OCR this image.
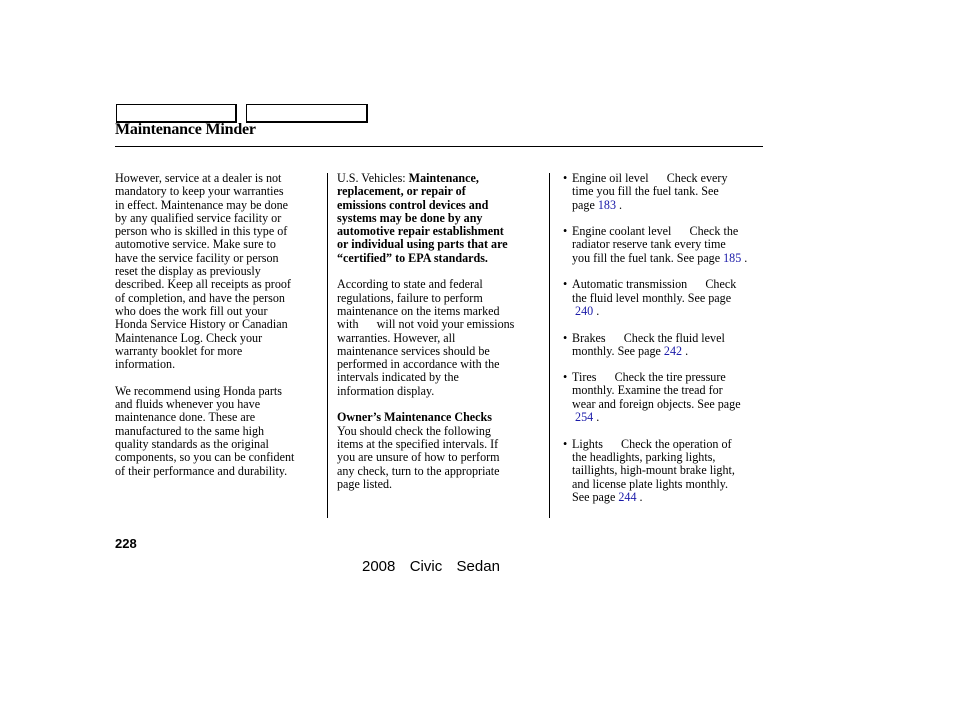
Maintenance Minder

However, service at a dealer is not

mandatory to keep your warranties

in effect. Maintenance may be done

by any qualified service facility or

person who is skilled in this type of

automotive service. Make sure to

have the service facility or person

reset the display as previously

described. Keep all receipts as proof

of completion, and have the person

who does the work fill out your

Honda Service History or Canadian

Maintenance Log. Check your

warranty booklet for more

information.

We recommend using Honda parts

and fluids whenever you have

maintenance done. These are

manufactured to the same high

quality standards as the original

components, so you can be confident

of their performance and durability.

U.S. Vehicles: Maintenance,

replacement, or repair of

emissions control devices and

systems may be done by any

automotive repair establishment

or individual using parts that are

“certified” to EPA standards.

According to state and federal

regulations, failure to perform

maintenance on the items marked

with      will not void your emissions

warranties. However, all

maintenance services should be

performed in accordance with the

intervals indicated by the

information display.

Owner’s Maintenance Checks

You should check the following

items at the specified intervals. If

you are unsure of how to perform

any check, turn to the appropriate

page listed.

• Engine oil level      Check every

time you fill the fuel tank. See

page 183 .

• Engine coolant level      Check the

radiator reserve tank every time

you fill the fuel tank. See page 185 .

• Automatic transmission      Check

the fluid level monthly. See page

240 .

• Brakes      Check the fluid level

monthly. See page 242 .

• Tires      Check the tire pressure

monthly. Examine the tread for

wear and foreign objects. See page

254 .

• Lights      Check the operation of

the headlights, parking lights,

taillights, high-mount brake light,

and license plate lights monthly.

See page 244 .

228
2008  Civic  Sedan
